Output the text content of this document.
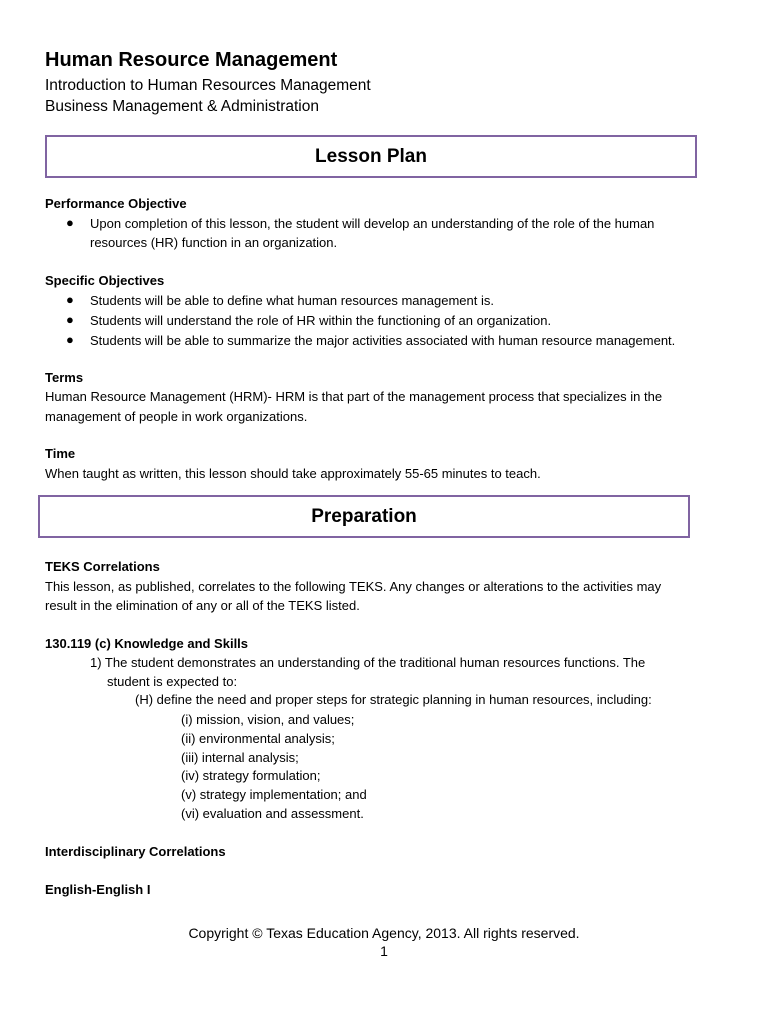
Human Resource Management
Introduction to Human Resources Management
Business Management & Administration
Lesson Plan
Performance Objective
● Upon completion of this lesson, the student will develop an understanding of the role of the human
resources (HR) function in an organization.
Specific Objectives
● Students will be able to define what human resources management is.
● Students will understand the role of HR within the functioning of an organization.
● Students will be able to summarize the major activities associated with human resource management.
Terms
Human Resource Management (HRM)- HRM is that part of the management process that specializes in the
management of people in work organizations.
Time
When taught as written, this lesson should take approximately 55-65 minutes to teach.
Preparation
TEKS Correlations
This lesson, as published, correlates to the following TEKS. Any changes or alterations to the activities may
result in the elimination of any or all of the TEKS listed.
130.119 (c) Knowledge and Skills
1) The student demonstrates an understanding of the traditional human resources functions. The
student is expected to:
(H) define the need and proper steps for strategic planning in human resources, including:
(i) mission, vision, and values;
(ii) environmental analysis;
(iii) internal analysis;
(iv) strategy formulation;
(v) strategy implementation; and
(vi) evaluation and assessment.
Interdisciplinary Correlations
English-English I
Copyright © Texas Education Agency, 2013. All rights reserved.
1
